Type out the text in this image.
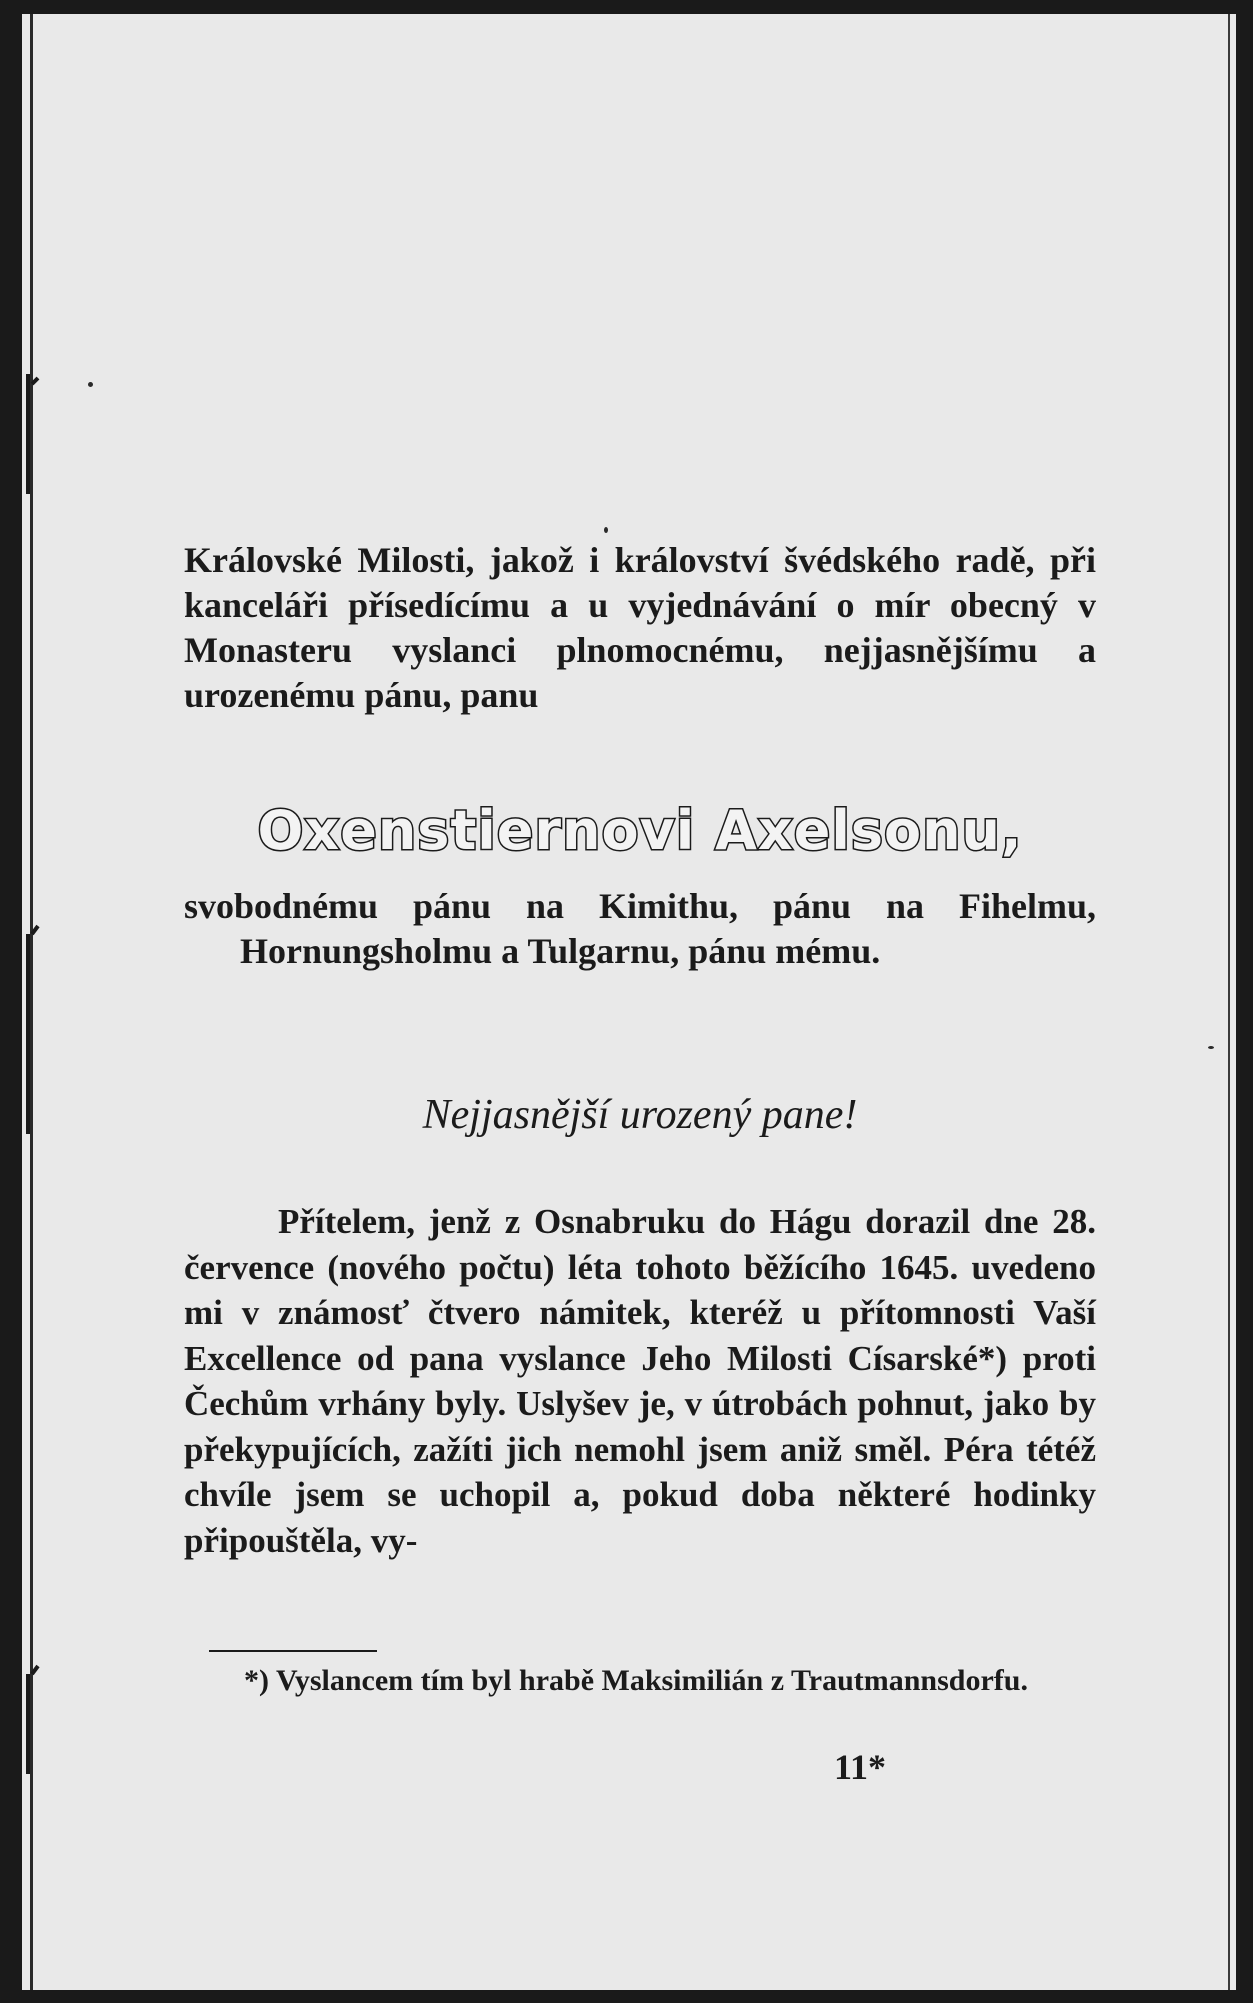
Královské Milosti, jakož i království švédského radě, při kanceláři přísedícímu a u vyjednávání o mír obecný v Monasteru vyslanci plnomocnému, nejjasnějšímu a urozenému pánu, panu

Oxenstiernovi Axelsonu,
svobodnému pánu na Kimithu, pánu na Fihelmu,
Hornungsholmu a Tulgarnu, pánu mému.
Nejjasnější urozený pane!

Přítelem, jenž z Osnabruku do Hágu dorazil dne 28. července (nového počtu) léta tohoto běžícího 1645. uvedeno mi v známosť čtvero námitek, kteréž u přítomnosti Vaší Excellence od pana vyslance Jeho Milosti Císarské*) proti Čechům vrhány byly. Uslyšev je, v útrobách pohnut, jako by překypujících, zažíti jich nemohl jsem aniž směl. Péra tétéž chvíle jsem se uchopil a, pokud doba některé hodinky připouštěla, vy-

*) Vyslancem tím byl hrabě Maksimilián z Trautmannsdorfu.

11*
